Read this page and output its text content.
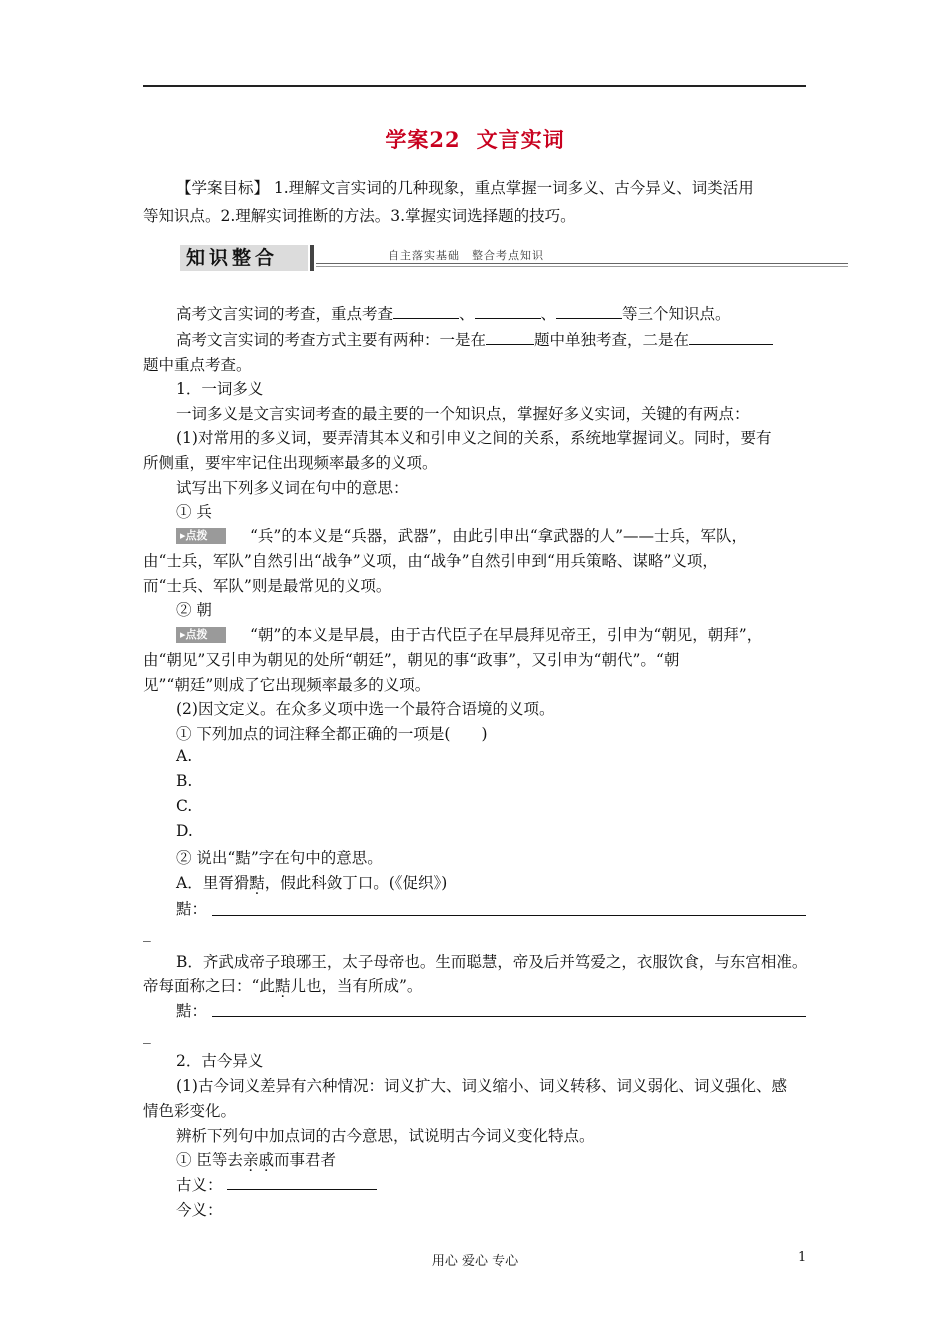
学案22 文言实词
【学案目标】 1.理解文言实词的几种现象，重点掌握一词多义、古今异义、词类活用
等知识点。2.理解实词推断的方法。3.掌握实词选择题的技巧。
知识整合	自主落实基础　整合考点知识
高考文言实词的考查，重点考查	、	、	等三个知识点。
高考文言实词的考查方式主要有两种：一是在	题中单独考查，二是在
题中重点考查。
1．一词多义
一词多义是文言实词考查的最主要的一个知识点，掌握好多义实词，关键的有两点：
(1)对常用的多义词，要弄清其本义和引申义之间的关系，系统地掌握词义。同时，要有
所侧重，要牢牢记住出现频率最多的义项。
试写出下列多义词在句中的意思：
① 兵
▸点拨	“兵”的本义是“兵器，武器”，由此引申出“拿武器的人”——士兵，军队，
由“士兵，军队”自然引出“战争”义项，由“战争”自然引申到“用兵策略、谋略”义项，
而“士兵、军队”则是最常见的义项。
② 朝
▸点拨	“朝”的本义是早晨，由于古代臣子在早晨拜见帝王，引申为“朝见，朝拜”，
由“朝见”又引申为朝见的处所“朝廷”，朝见的事“政事”，又引申为“朝代”。“朝
见”“朝廷”则成了它出现频率最多的义项。
(2)因文定义。在众多义项中选一个最符合语境的义项。
① 下列加点的词注释全都正确的一项是(　　)
A.
B.
C.
D.
② 说出“黠”字在句中的意思。
A．里胥猾黠，假此科敛丁口。(《促织》)
黠：
_
B．齐武成帝子琅琊王，太子母帝也。生而聪慧，帝及后并笃爱之，衣服饮食，与东宫相准。
帝每面称之曰：“此黠儿也，当有所成”。
黠：
_
2．古今异义
(1)古今词义差异有六种情况：词义扩大、词义缩小、词义转移、词义弱化、词义强化、感
情色彩变化。
辨析下列句中加点词的古今意思，试说明古今词义变化特点。
① 臣等去亲戚而事君者
古义：
今义：
用心 爱心 专心	1
